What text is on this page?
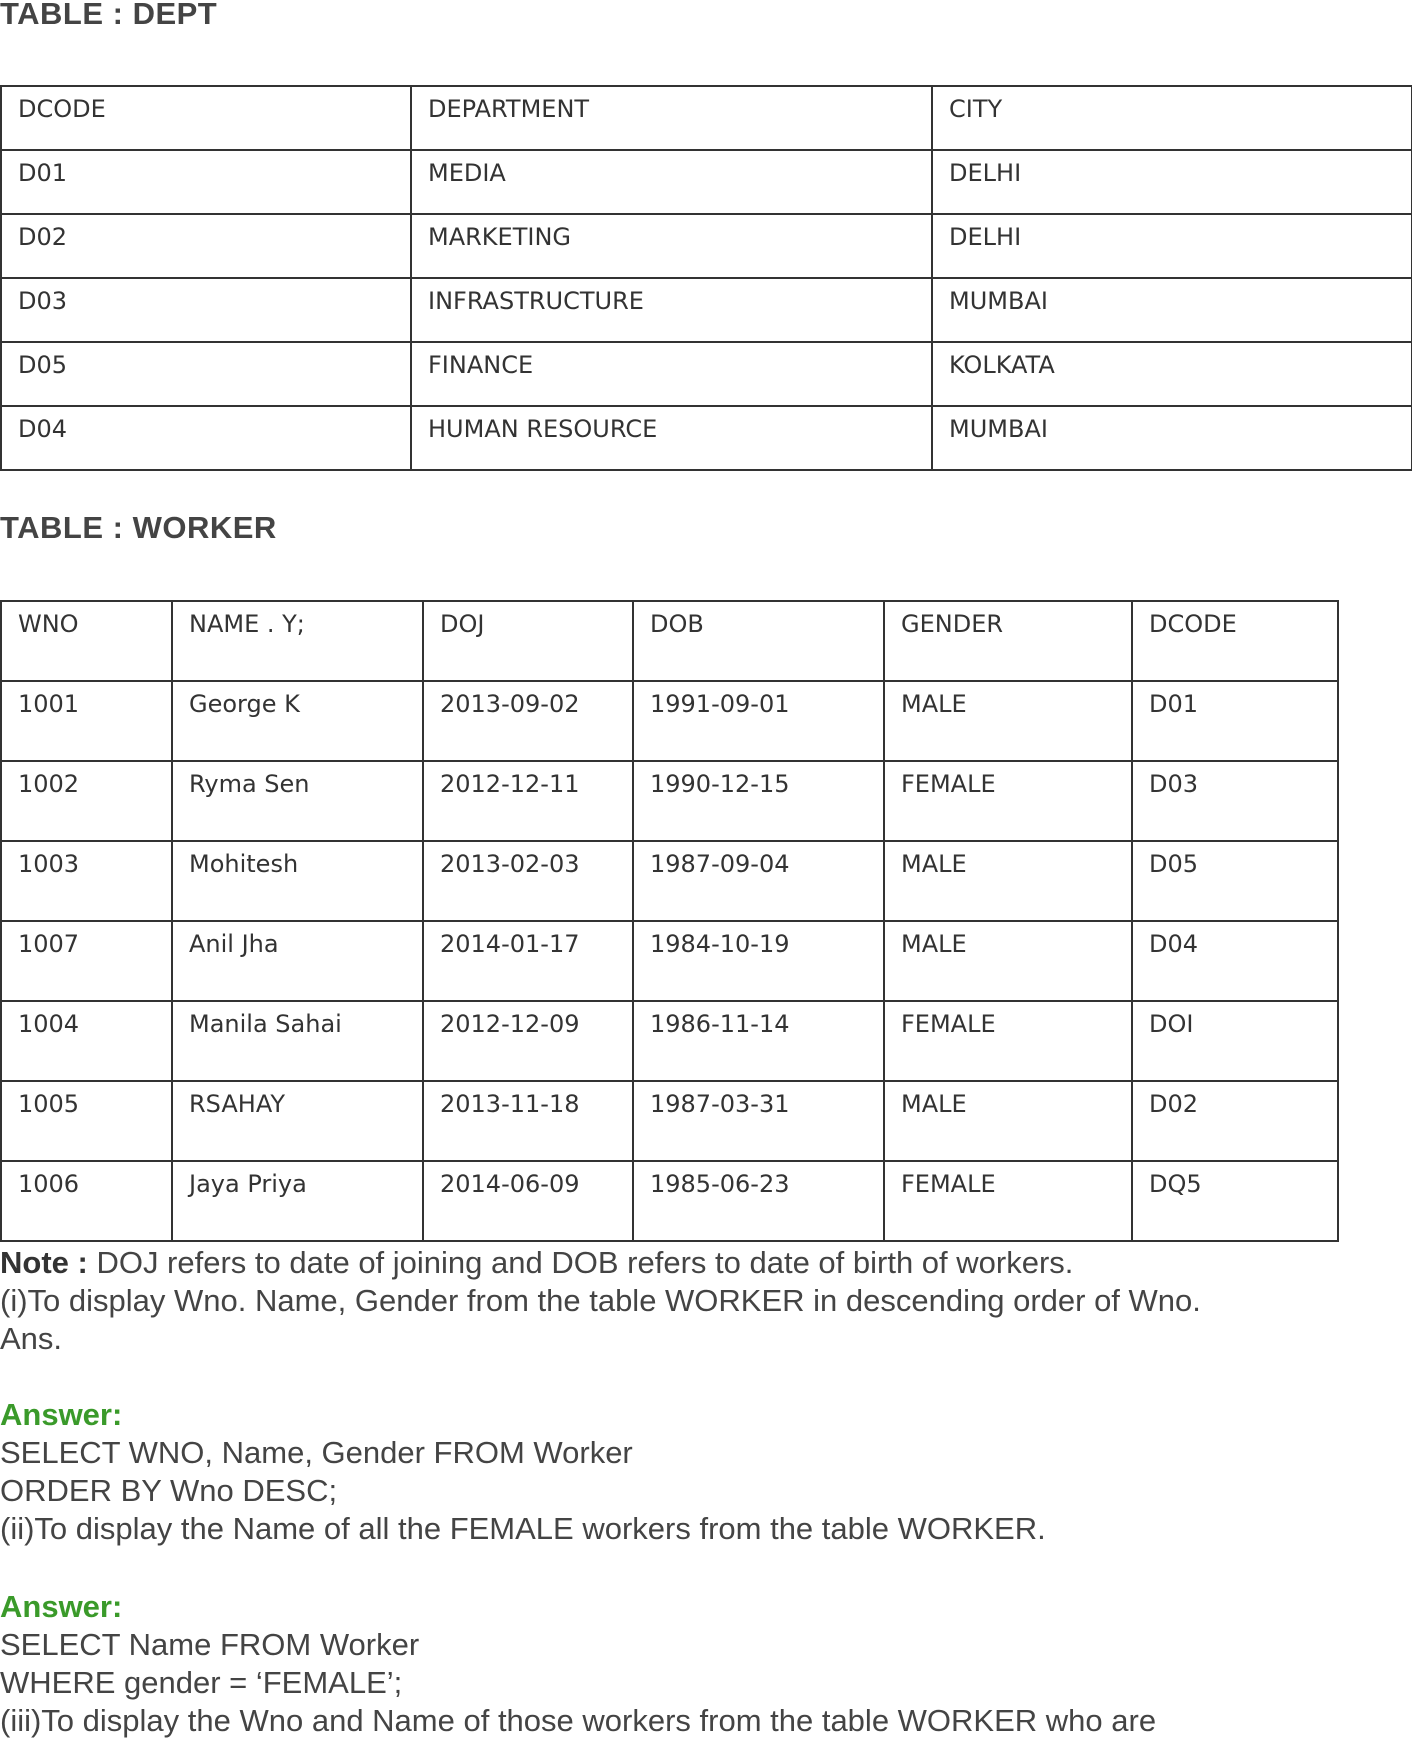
TABLE : DEPT
DCODE	DEPARTMENT	CITY
D01	MEDIA	DELHI
D02	MARKETING	DELHI
D03	INFRASTRUCTURE	MUMBAI
D05	FINANCE	KOLKATA
D04	HUMAN RESOURCE	MUMBAI
TABLE : WORKER
WNO	NAME . Y;	DOJ	DOB	GENDER	DCODE
1001	George K	2013-09-02	1991-09-01	MALE	D01
1002	Ryma Sen	2012-12-11	1990-12-15	FEMALE	D03
1003	Mohitesh	2013-02-03	1987-09-04	MALE	D05
1007	Anil Jha	2014-01-17	1984-10-19	MALE	D04
1004	Manila Sahai	2012-12-09	1986-11-14	FEMALE	DOI
1005	RSAHAY	2013-11-18	1987-03-31	MALE	D02
1006	Jaya Priya	2014-06-09	1985-06-23	FEMALE	DQ5
Note : DOJ refers to date of joining and DOB refers to date of birth of workers.
(i)To display Wno. Name, Gender from the table WORKER in descending order of Wno.
Ans.
Answer:
SELECT WNO, Name, Gender FROM Worker
ORDER BY Wno DESC;
(ii)To display the Name of all the FEMALE workers from the table WORKER.
Answer:
SELECT Name FROM Worker
WHERE gender = ‘FEMALE’;
(iii)To display the Wno and Name of those workers from the table WORKER who are
